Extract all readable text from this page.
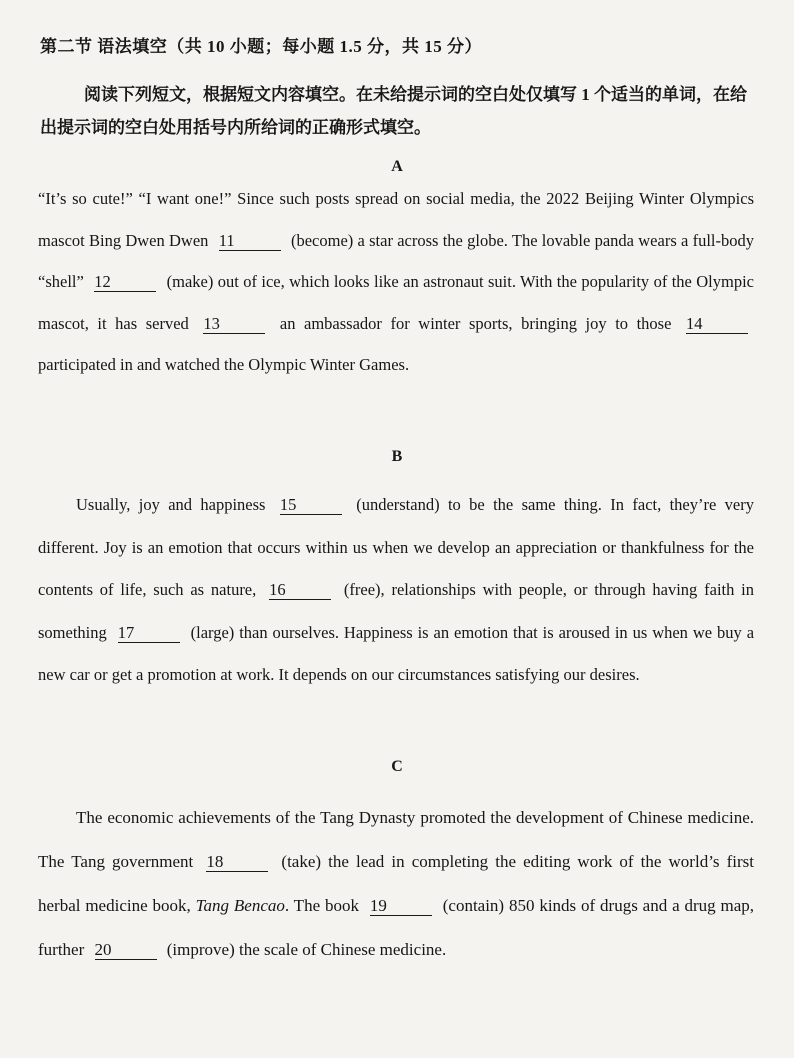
第二节 语法填空（共 10 小题；每小题 1.5 分，共 15 分）
阅读下列短文，根据短文内容填空。在未给提示词的空白处仅填写 1 个适当的单词，在给出提示词的空白处用括号内所给词的正确形式填空。
A
“It’s so cute!” “I want one!” Since such posts spread on social media, the 2022 Beijing Winter Olympics mascot Bing Dwen Dwen 11	(become) a star across the globe. The lovable panda wears a full-body “shell” 12	(make) out of ice, which looks like an astronaut suit. With the popularity of the Olympic mascot, it has served 13	an ambassador for winter sports, bringing joy to those 14 participated in and watched the Olympic Winter Games.
B
Usually, joy and happiness 15	(understand) to be the same thing. In fact, they’re very different. Joy is an emotion that occurs within us when we develop an appreciation or thankfulness for the contents of life, such as nature, 16	(free), relationships with people, or through having faith in something 17	(large) than ourselves. Happiness is an emotion that is aroused in us when we buy a new car or get a promotion at work. It depends on our circumstances satisfying our desires.
C
The economic achievements of the Tang Dynasty promoted the development of Chinese medicine. The Tang government 18	(take) the lead in completing the editing work of the world’s first herbal medicine book, Tang Bencao. The book 19	(contain) 850 kinds of drugs and a drug map, further 20	(improve) the scale of Chinese medicine.
